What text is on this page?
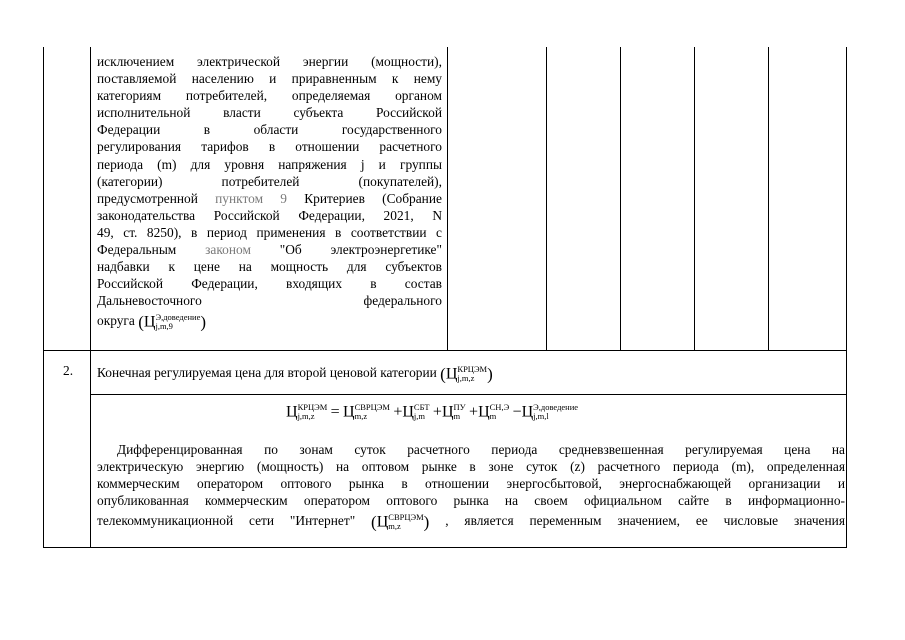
исключением электрической энергии (мощности),
поставляемой населению и приравненным к нему
категориям потребителей, определяемая органом
исполнительной власти субъекта Российской
Федерации в области государственного
регулирования тарифов в отношении расчетного
периода (m) для уровня напряжения j и группы
(категории) потребителей (покупателей),
предусмотренной пунктом 9 Критериев (Собрание
законодательства Российской Федерации, 2021, N
49, ст. 8250), в период применения в соответствии с
Федеральным законом "Об электроэнергетике"
надбавки к цене на мощность для субъектов
Российской Федерации, входящих в состав
Дальневосточного федерального
округа (Ц Э,доведение
j,m,9	)
2. Конечная регулируемая цена для второй ценовой категории (Ц КРЦЭМ
j,m,z )
Ц КРЦЭМ
j,m,z	= Ц СВРЦЭМ
m,z	+Ц СБТ
j,m +Ц ПУ
m +Ц СН,Э
m	−Ц Э,доведение
j,m,l
Дифференцированная по зонам суток расчетного периода средневзвешенная регулируемая цена на
электрическую энергию (мощность) на оптовом рынке в зоне суток (z) расчетного периода (m), определенная
коммерческим оператором оптового рынка в отношении энергосбытовой, энергоснабжающей организации и
опубликованная коммерческим оператором оптового рынка на своем официальном сайте в информационно-
телекоммуникационной сети "Интернет" (Ц СВРЦЭМ
m,z	) , является переменным значением, ее числовые значения
